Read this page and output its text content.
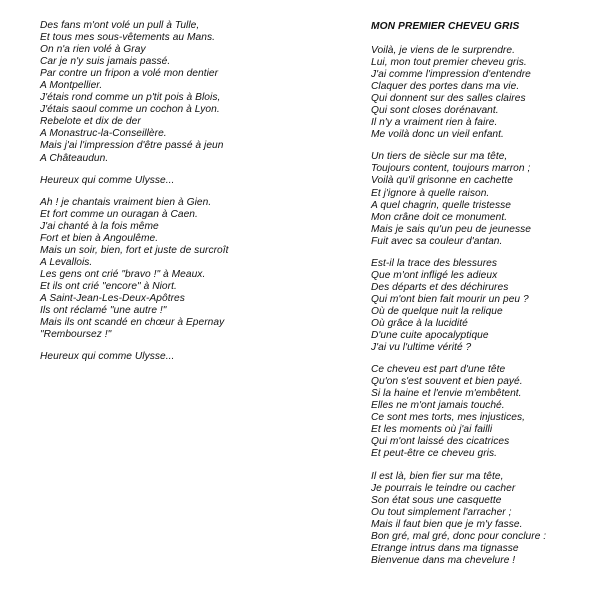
Des fans m'ont volé un pull à Tulle,
Et tous mes sous-vêtements au Mans.
On n'a rien volé à Gray
Car je n'y suis jamais passé.
Par contre un fripon a volé mon dentier
A Montpellier.
J'étais rond comme un p'tit pois à Blois,
J'étais saoul comme un cochon à Lyon.
Rebelote et dix de der
A Monastruc-la-Conseillère.
Mais j'ai l'impression d'être passé à jeun
A Châteaudun.
Heureux qui comme Ulysse...
Ah ! je chantais vraiment bien à Gien.
Et fort comme un ouragan à Caen.
J'ai chanté à la fois même
Fort et bien à Angoulême.
Mais un soir, bien, fort et juste de surcroît
A Levallois.
Les gens ont crié "bravo !" à Meaux.
Et ils ont crié "encore" à Niort.
A Saint-Jean-Les-Deux-Apôtres
Ils ont réclamé "une autre !"
Mais ils ont scandé en chœur à Epernay
"Remboursez !"
Heureux qui comme Ulysse...
MON PREMIER CHEVEU GRIS
Voilà, je viens de le surprendre.
Lui, mon tout premier cheveu gris.
J'ai comme l'impression d'entendre
Claquer des portes dans ma vie.
Qui donnent sur des salles claires
Qui sont closes dorénavant.
Il n'y a vraiment rien à faire.
Me voilà donc un vieil enfant.
Un tiers de siècle sur ma tête,
Toujours content, toujours marron ;
Voilà qu'il grisonne en cachette
Et j'ignore à quelle raison.
A quel chagrin, quelle tristesse
Mon crâne doit ce monument.
Mais je sais qu'un peu de jeunesse
Fuit avec sa couleur d'antan.
Est-il la trace des blessures
Que m'ont infligé les adieux
Des départs et des déchirures
Qui m'ont bien fait mourir un peu ?
Où de quelque nuit la relique
Où grâce à la lucidité
D'une cuite apocalyptique
J'ai vu l'ultime vérité ?
Ce cheveu est part d'une tête
Qu'on s'est souvent et bien payé.
Si la haine et l'envie m'embêtent.
Elles ne m'ont jamais touché.
Ce sont mes torts, mes injustices,
Et les moments où j'ai failli
Qui m'ont laissé des cicatrices
Et peut-être ce cheveu gris.
Il est là, bien fier sur ma tête,
Je pourrais le teindre ou cacher
Son état sous une casquette
Ou tout simplement l'arracher ;
Mais il faut bien que je m'y fasse.
Bon gré, mal gré, donc pour conclure :
Etrange intrus dans ma tignasse
Bienvenue dans ma chevelure !
